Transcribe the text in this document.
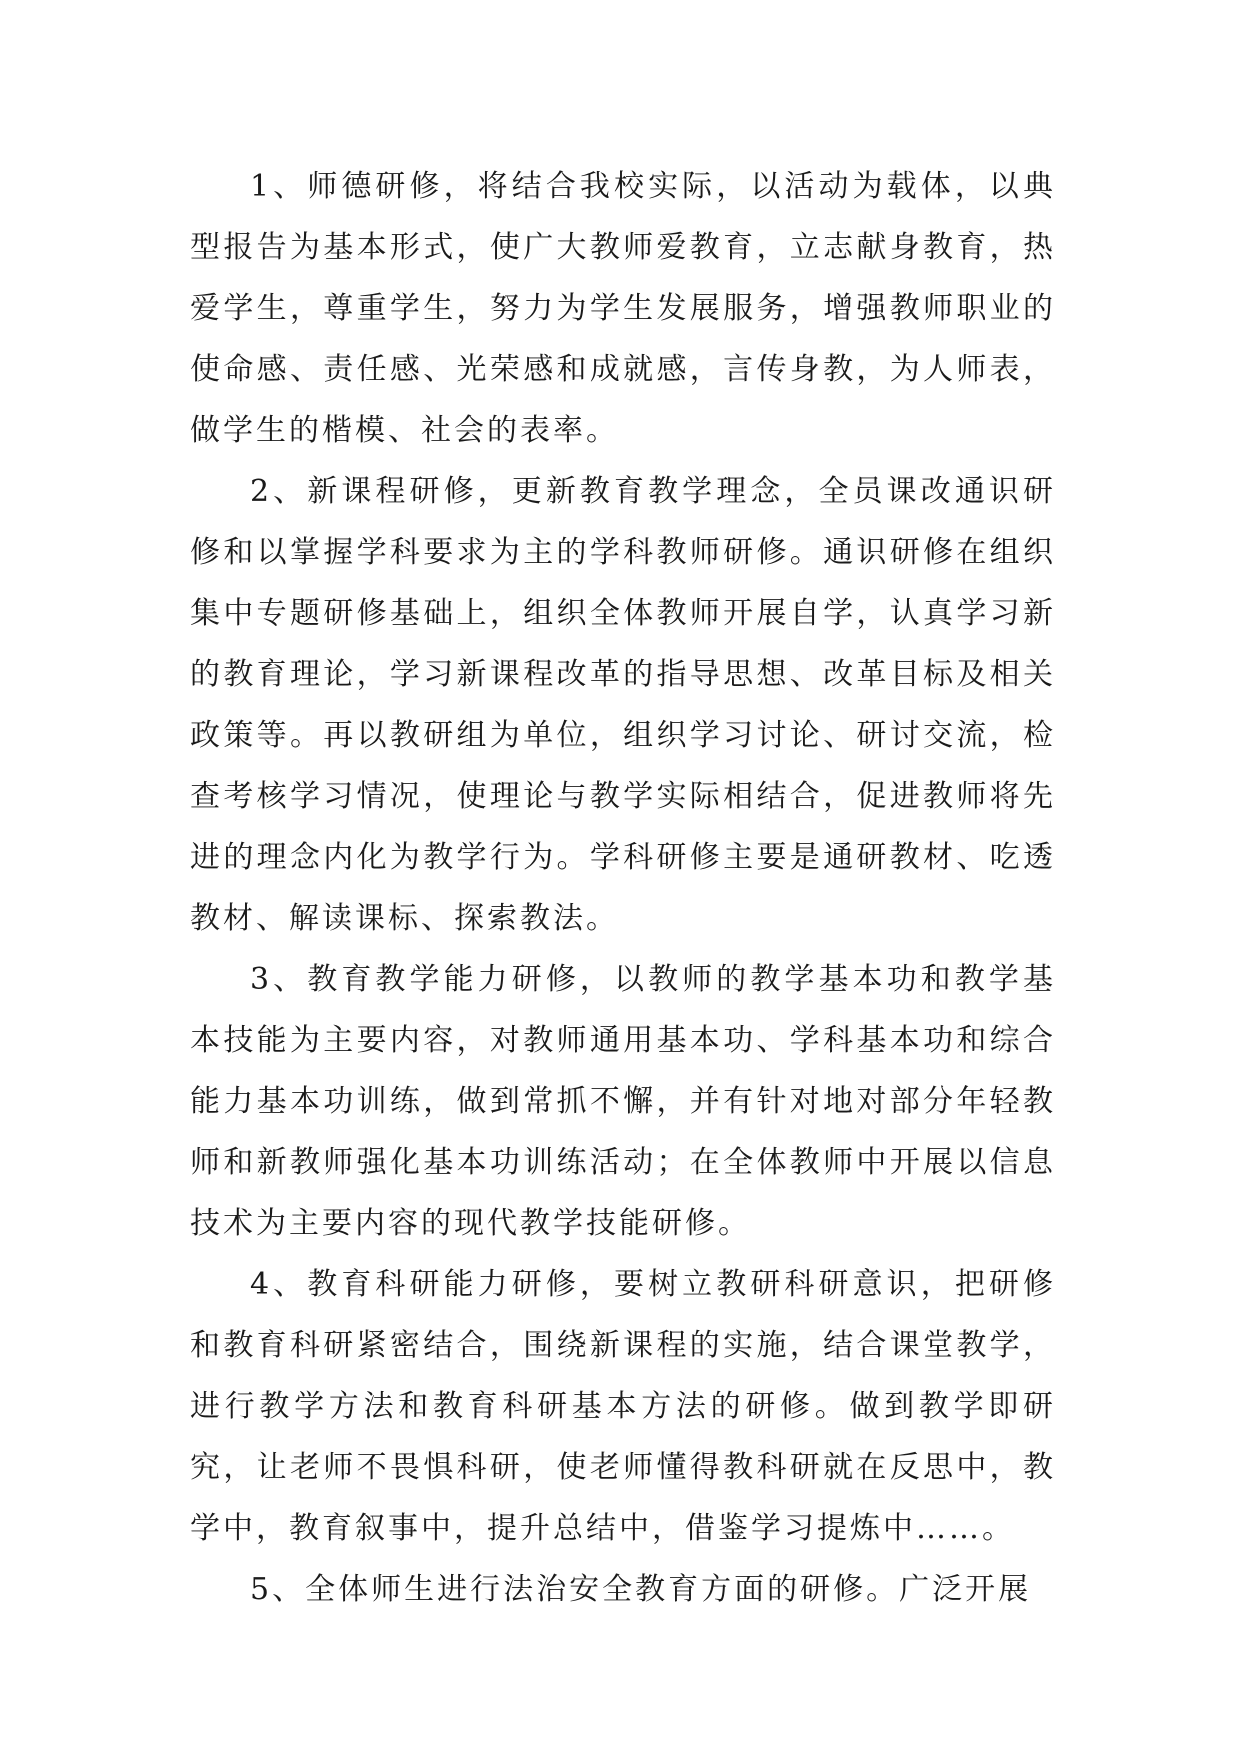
1、师德研修，将结合我校实际，以活动为载体，以典型报告为基本形式，使广大教师爱教育，立志献身教育，热爱学生，尊重学生，努力为学生发展服务，增强教师职业的使命感、责任感、光荣感和成就感，言传身教，为人师表，做学生的楷模、社会的表率。

2、新课程研修，更新教育教学理念，全员课改通识研修和以掌握学科要求为主的学科教师研修。通识研修在组织集中专题研修基础上，组织全体教师开展自学，认真学习新的教育理论，学习新课程改革的指导思想、改革目标及相关政策等。再以教研组为单位，组织学习讨论、研讨交流，检查考核学习情况，使理论与教学实际相结合，促进教师将先进的理念内化为教学行为。学科研修主要是通研教材、吃透教材、解读课标、探索教法。

3、教育教学能力研修，以教师的教学基本功和教学基本技能为主要内容，对教师通用基本功、学科基本功和综合能力基本功训练，做到常抓不懈，并有针对地对部分年轻教师和新教师强化基本功训练活动；在全体教师中开展以信息技术为主要内容的现代教学技能研修。

4、教育科研能力研修，要树立教研科研意识，把研修和教育科研紧密结合，围绕新课程的实施，结合课堂教学，进行教学方法和教育科研基本方法的研修。做到教学即研究，让老师不畏惧科研，使老师懂得教科研就在反思中，教学中，教育叙事中，提升总结中，借鉴学习提炼中……。

5、全体师生进行法治安全教育方面的研修。广泛开展
